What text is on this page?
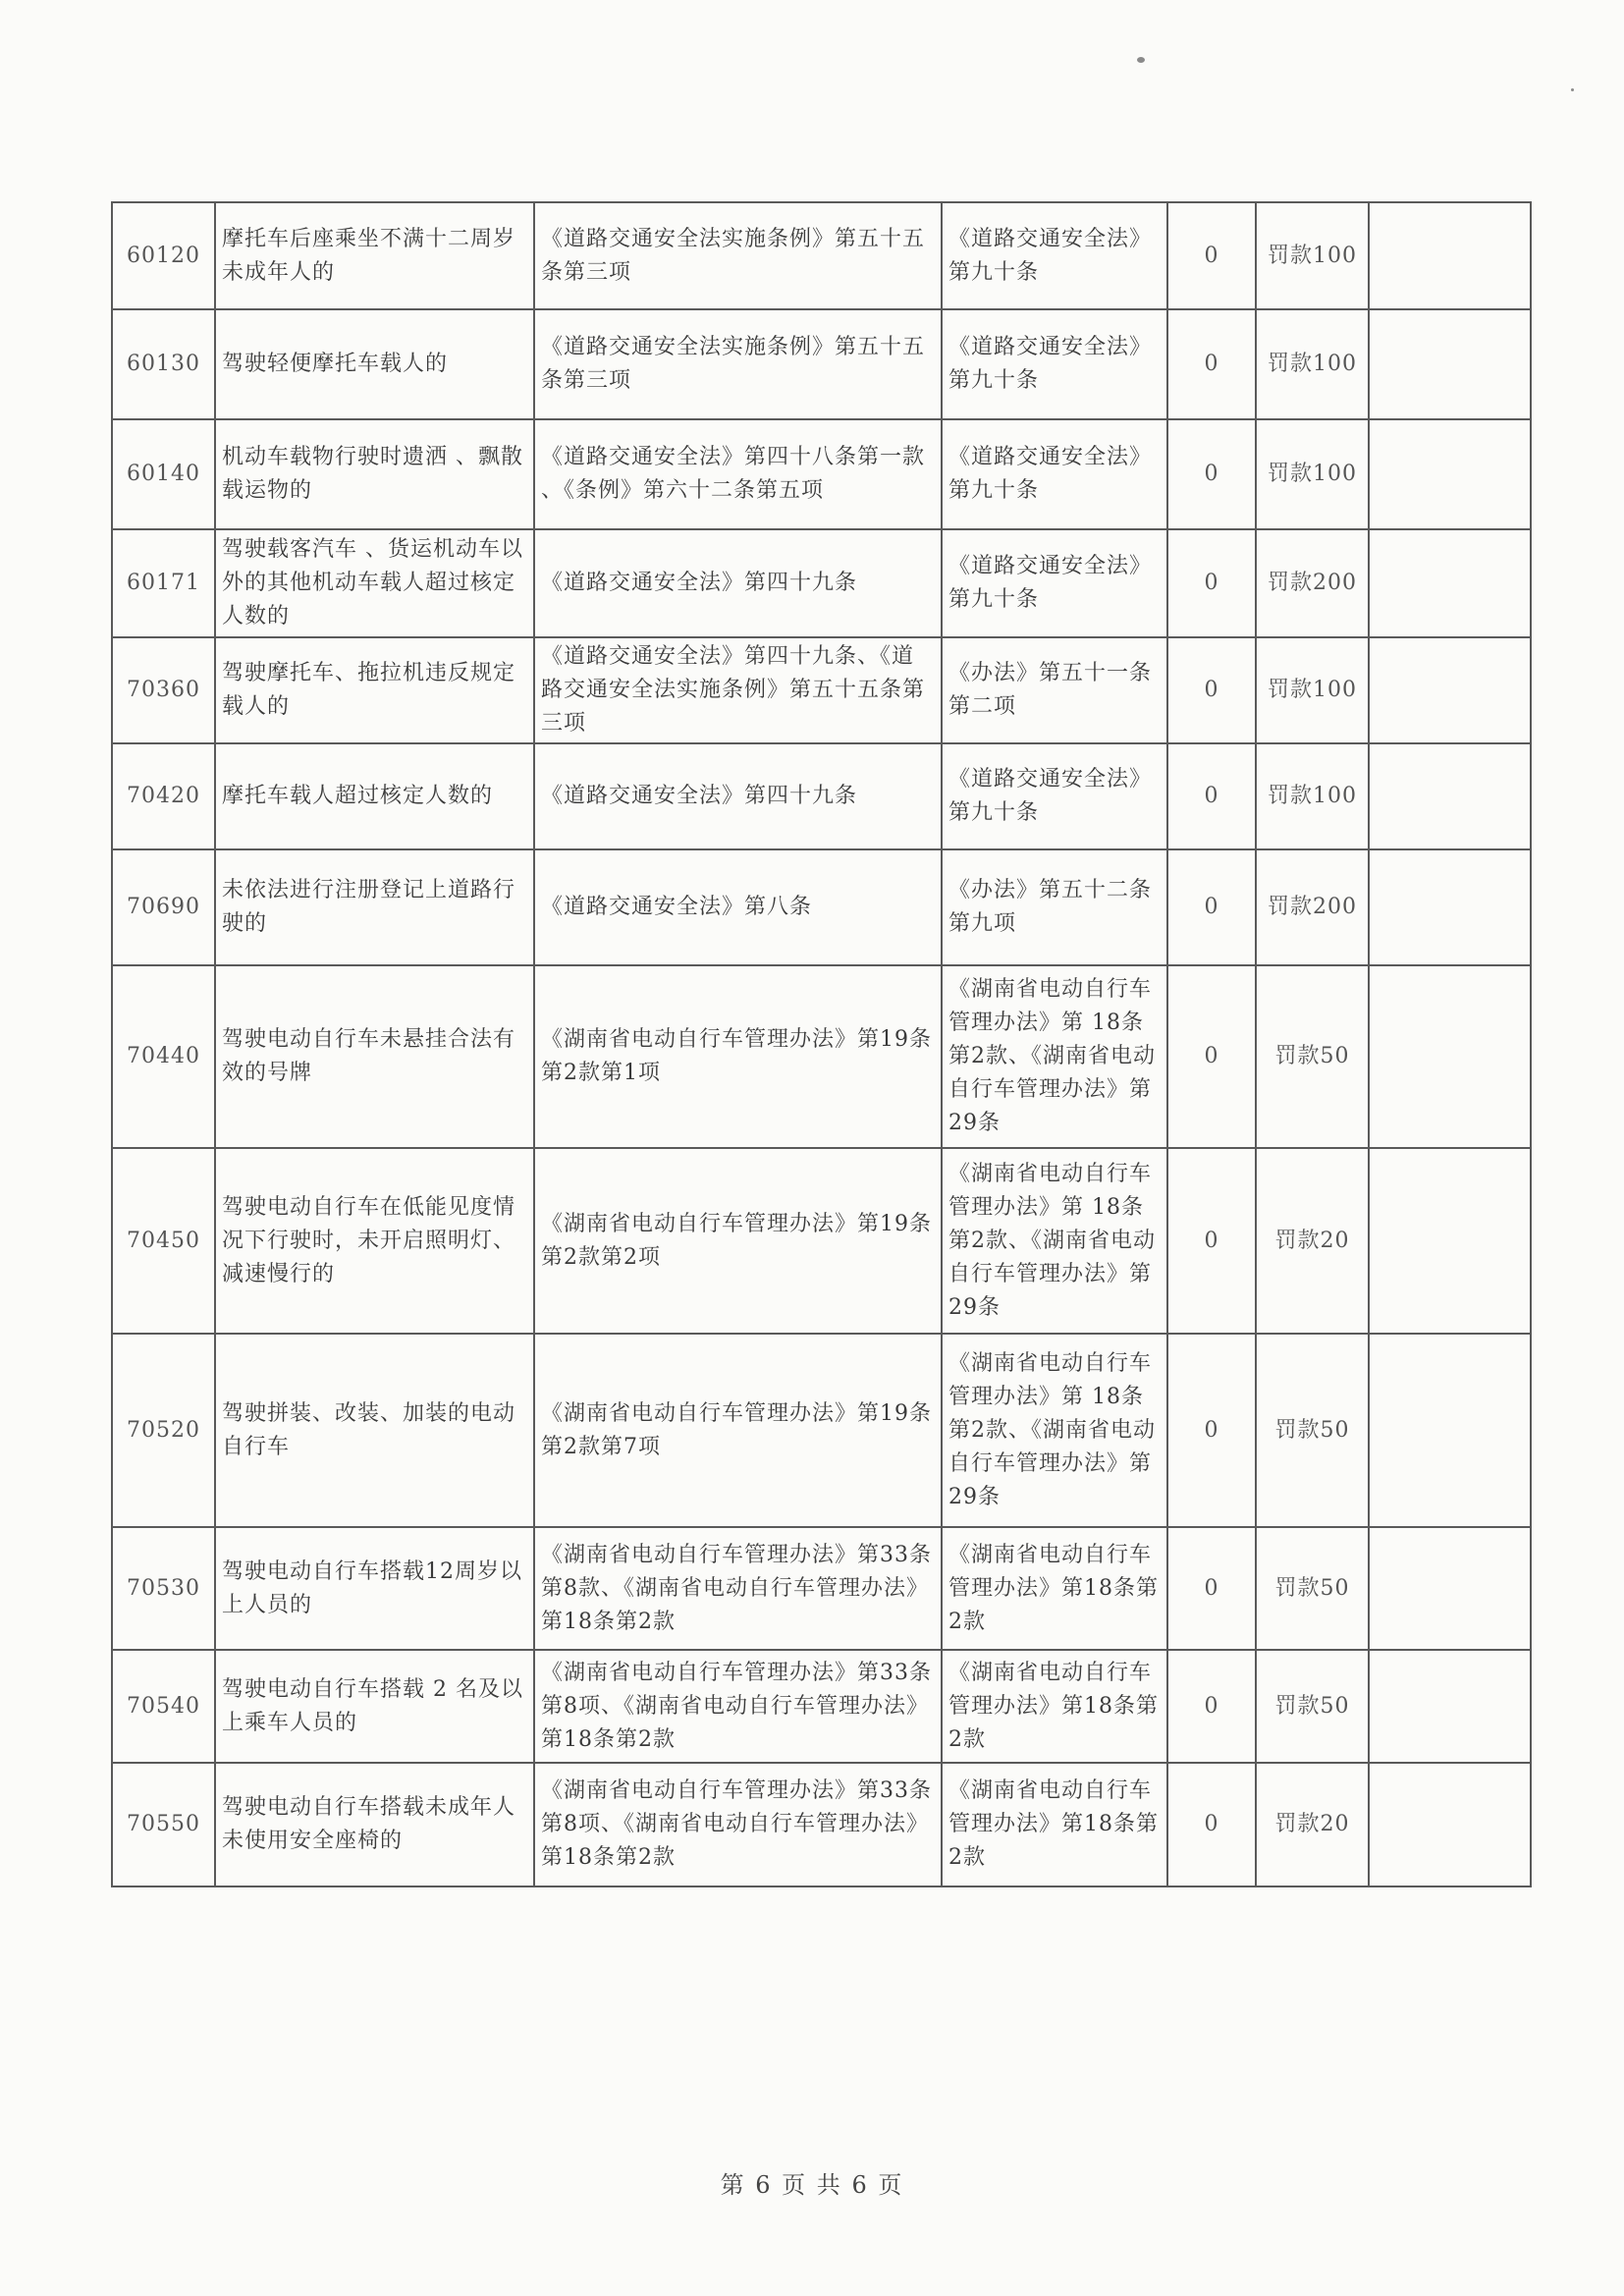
60120	摩托车后座乘坐不满十二周岁未成年人的	《道路交通安全法实施条例》第五十五条第三项	《道路交通安全法》第九十条	0	罚款100	
60130	驾驶轻便摩托车载人的	《道路交通安全法实施条例》第五十五条第三项	《道路交通安全法》第九十条	0	罚款100	
60140	机动车载物行驶时遗洒 、飘散载运物的	《道路交通安全法》第四十八条第一款 、《条例》第六十二条第五项	《道路交通安全法》第九十条	0	罚款100	
60171	驾驶载客汽车 、货运机动车以外的其他机动车载人超过核定人数的	《道路交通安全法》第四十九条	《道路交通安全法》第九十条	0	罚款200	
70360	驾驶摩托车、拖拉机违反规定载人的	《道路交通安全法》第四十九条、《道路交通安全法实施条例》第五十五条第三项	《办法》第五十一条第二项	0	罚款100	
70420	摩托车载人超过核定人数的	《道路交通安全法》第四十九条	《道路交通安全法》第九十条	0	罚款100	
70690	未依法进行注册登记上道路行驶的	《道路交通安全法》第八条	《办法》第五十二条第九项	0	罚款200	
70440	驾驶电动自行车未悬挂合法有效的号牌	《湖南省电动自行车管理办法》第19条第2款第1项	《湖南省电动自行车管理办法》第 18条第2款、《湖南省电动自行车管理办法》第29条	0	罚款50	
70450	驾驶电动自行车在低能见度情况下行驶时，未开启照明灯、减速慢行的	《湖南省电动自行车管理办法》第19条第2款第2项	《湖南省电动自行车管理办法》第 18条第2款、《湖南省电动自行车管理办法》第29条	0	罚款20	
70520	驾驶拼装、改装、加装的电动自行车	《湖南省电动自行车管理办法》第19条第2款第7项	《湖南省电动自行车管理办法》第 18条第2款、《湖南省电动自行车管理办法》第29条	0	罚款50	
70530	驾驶电动自行车搭载12周岁以上人员的	《湖南省电动自行车管理办法》第33条第8款、《湖南省电动自行车管理办法》第18条第2款	《湖南省电动自行车管理办法》第18条第2款	0	罚款50	
70540	驾驶电动自行车搭载 2 名及以上乘车人员的	《湖南省电动自行车管理办法》第33条第8项、《湖南省电动自行车管理办法》第18条第2款	《湖南省电动自行车管理办法》第18条第2款	0	罚款50	
70550	驾驶电动自行车搭载未成年人未使用安全座椅的	《湖南省电动自行车管理办法》第33条第8项、《湖南省电动自行车管理办法》第18条第2款	《湖南省电动自行车管理办法》第18条第2款	0	罚款20	
第 6 页 共 6 页
